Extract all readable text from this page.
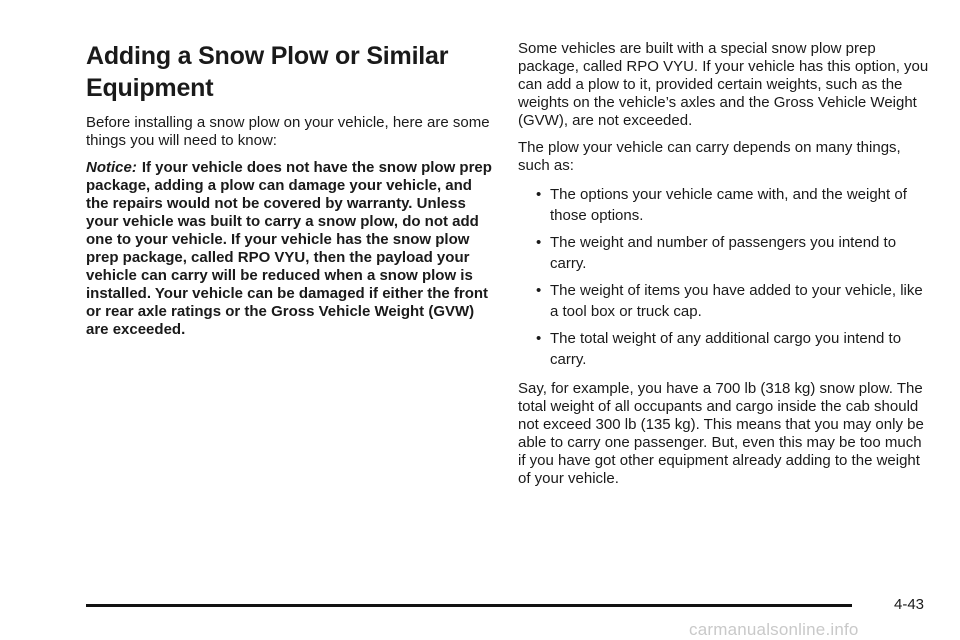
Adding a Snow Plow or Similar Equipment

Before installing a snow plow on your vehicle, here are some things you will need to know:

Notice: If your vehicle does not have the snow plow prep package, adding a plow can damage your vehicle, and the repairs would not be covered by warranty. Unless your vehicle was built to carry a snow plow, do not add one to your vehicle. If your vehicle has the snow plow prep package, called RPO VYU, then the payload your vehicle can carry will be reduced when a snow plow is installed. Your vehicle can be damaged if either the front or rear axle ratings or the Gross Vehicle Weight (GVW) are exceeded.

Some vehicles are built with a special snow plow prep package, called RPO VYU. If your vehicle has this option, you can add a plow to it, provided certain weights, such as the weights on the vehicle’s axles and the Gross Vehicle Weight (GVW), are not exceeded.

The plow your vehicle can carry depends on many things, such as:

• The options your vehicle came with, and the weight of those options.
• The weight and number of passengers you intend to carry.
• The weight of items you have added to your vehicle, like a tool box or truck cap.
• The total weight of any additional cargo you intend to carry.

Say, for example, you have a 700 lb (318 kg) snow plow. The total weight of all occupants and cargo inside the cab should not exceed 300 lb (135 kg). This means that you may only be able to carry one passenger. But, even this may be too much if you have got other equipment already adding to the weight of your vehicle.

4-43
carmanualsonline.info
